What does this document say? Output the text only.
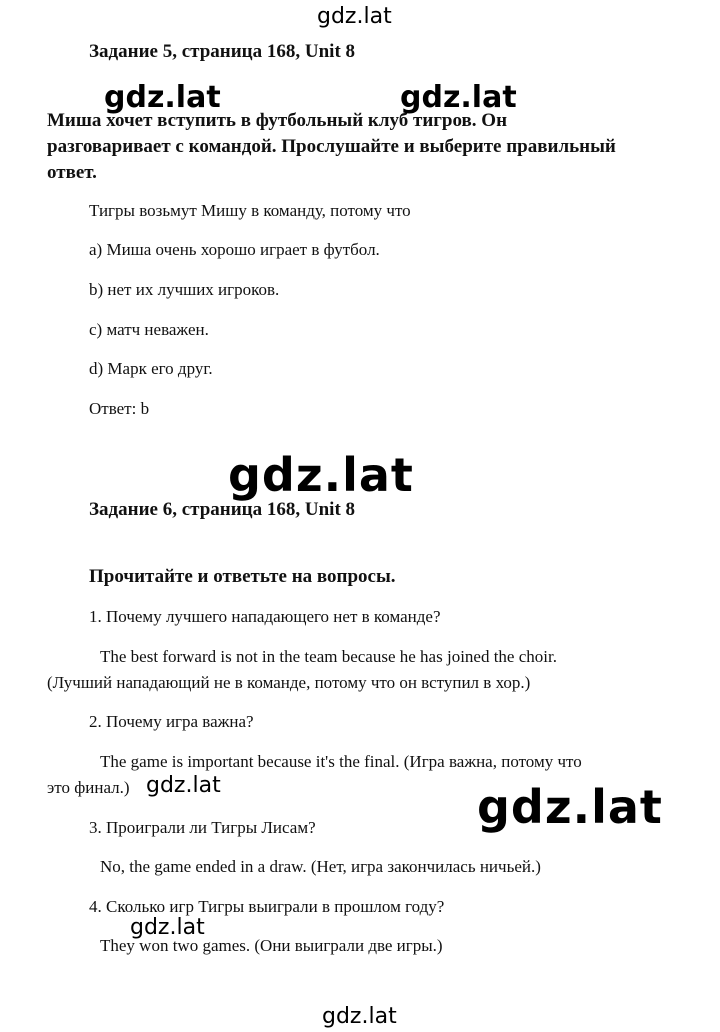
Задание 5, страница 168, Unit 8
Миша хочет вступить в футбольный клуб тигров. Он
разговаривает с командой. Прослушайте и выберите правильный
ответ.
Тигры возьмут Мишу в команду, потому что
a) Миша очень хорошо играет в футбол.
b) нет их лучших игроков.
c) матч неважен.
d) Марк его друг.
Ответ: b
Задание 6, страница 168, Unit 8
Прочитайте и ответьте на вопросы.
1. Почему лучшего нападающего нет в команде?
The best forward is not in the team because he has joined the choir.
(Лучший нападающий не в команде, потому что он вступил в хор.)
2. Почему игра важна?
The game is important because it's the final. (Игра важна, потому что
это финал.)
3. Проиграли ли Тигры Лисам?
No, the game ended in a draw. (Нет, игра закончилась ничьей.)
4. Сколько игр Тигры выиграли в прошлом году?
They won two games. (Они выиграли две игры.)
gdz.lat
gdz.lat	gdz.lat
gdz.lat
gdz.lat	gdz.lat
gdz.lat
gdz.lat
